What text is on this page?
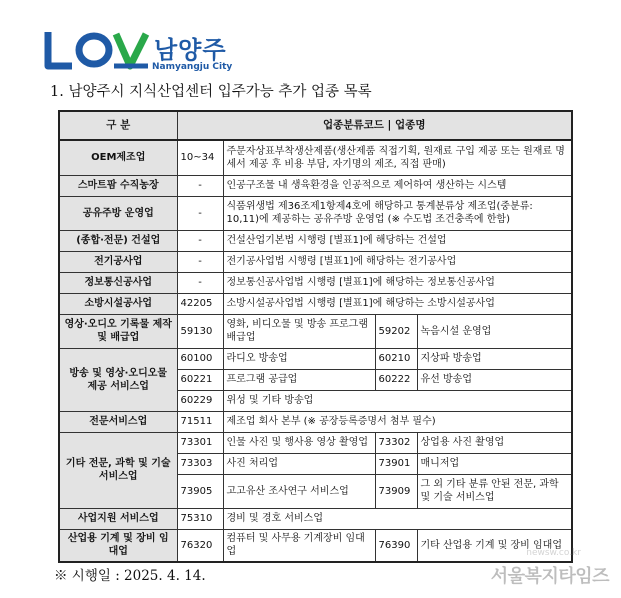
남양주
Namyangju City
1. 남양주시 지식산업센터 입주가능 추가 업종 목록
구 분	업종분류코드 | 업종명			
OEM제조업	10~34	주문자상표부착생산제품(생산제품 직접기획, 원재료 구입 제공 또는 원재료 명세서 제공 후 비용 부담, 자기명의 제조, 직접 판매)		
스마트팜 수직농장	-	인공구조물 내 생육환경을 인공적으로 제어하여 생산하는 시스템		
공유주방 운영업	-	식품위생법 제36조제1항제4호에 해당하고 통계분류상 제조업(중분류: 10,11)에 제공하는 공유주방 운영업 (※ 수도법 조건충족에 한함)		
(종합·전문) 건설업	-	건설산업기본법 시행령 [별표1]에 해당하는 건설업		
전기공사업	-	전기공사업법 시행령 [별표1]에 해당하는 전기공사업		
정보통신공사업	-	정보통신공사업법 시행령 [별표1]에 해당하는 정보통신공사업		
소방시설공사업	42205	소방시설공사업법 시행령 [별표1]에 해당하는 소방시설공사업		
영상·오디오 기록물 제작 및 배급업	59130	영화, 비디오물 및 방송 프로그램 배급업	59202	녹음시설 운영업
방송 및 영상·오디오물 제공 서비스업	60100	라디오 방송업	60210	지상파 방송업
	60221	프로그램 공급업	60222	유선 방송업
	60229	위성 및 기타 방송업		
전문서비스업	71511	제조업 회사 본부 (※ 공장등록증명서 첨부 필수)		
기타 전문, 과학 및 기술 서비스업	73301	인물 사진 및 행사용 영상 촬영업	73302	상업용 사진 촬영업
	73303	사진 처리업	73901	매니저업
	73905	고고유산 조사연구 서비스업	73909	그 외 기타 분류 안된 전문, 과학 및 기술 서비스업
사업지원 서비스업	75310	경비 및 경호 서비스업		
산업용 기계 및 장비 임대업	76320	컴퓨터 및 사무용 기계장비 임대업	76390	기타 산업용 기계 및 장비 임대업
※ 시행일 : 2025. 4. 14.
newsw.co.kr
서울복지타임즈
